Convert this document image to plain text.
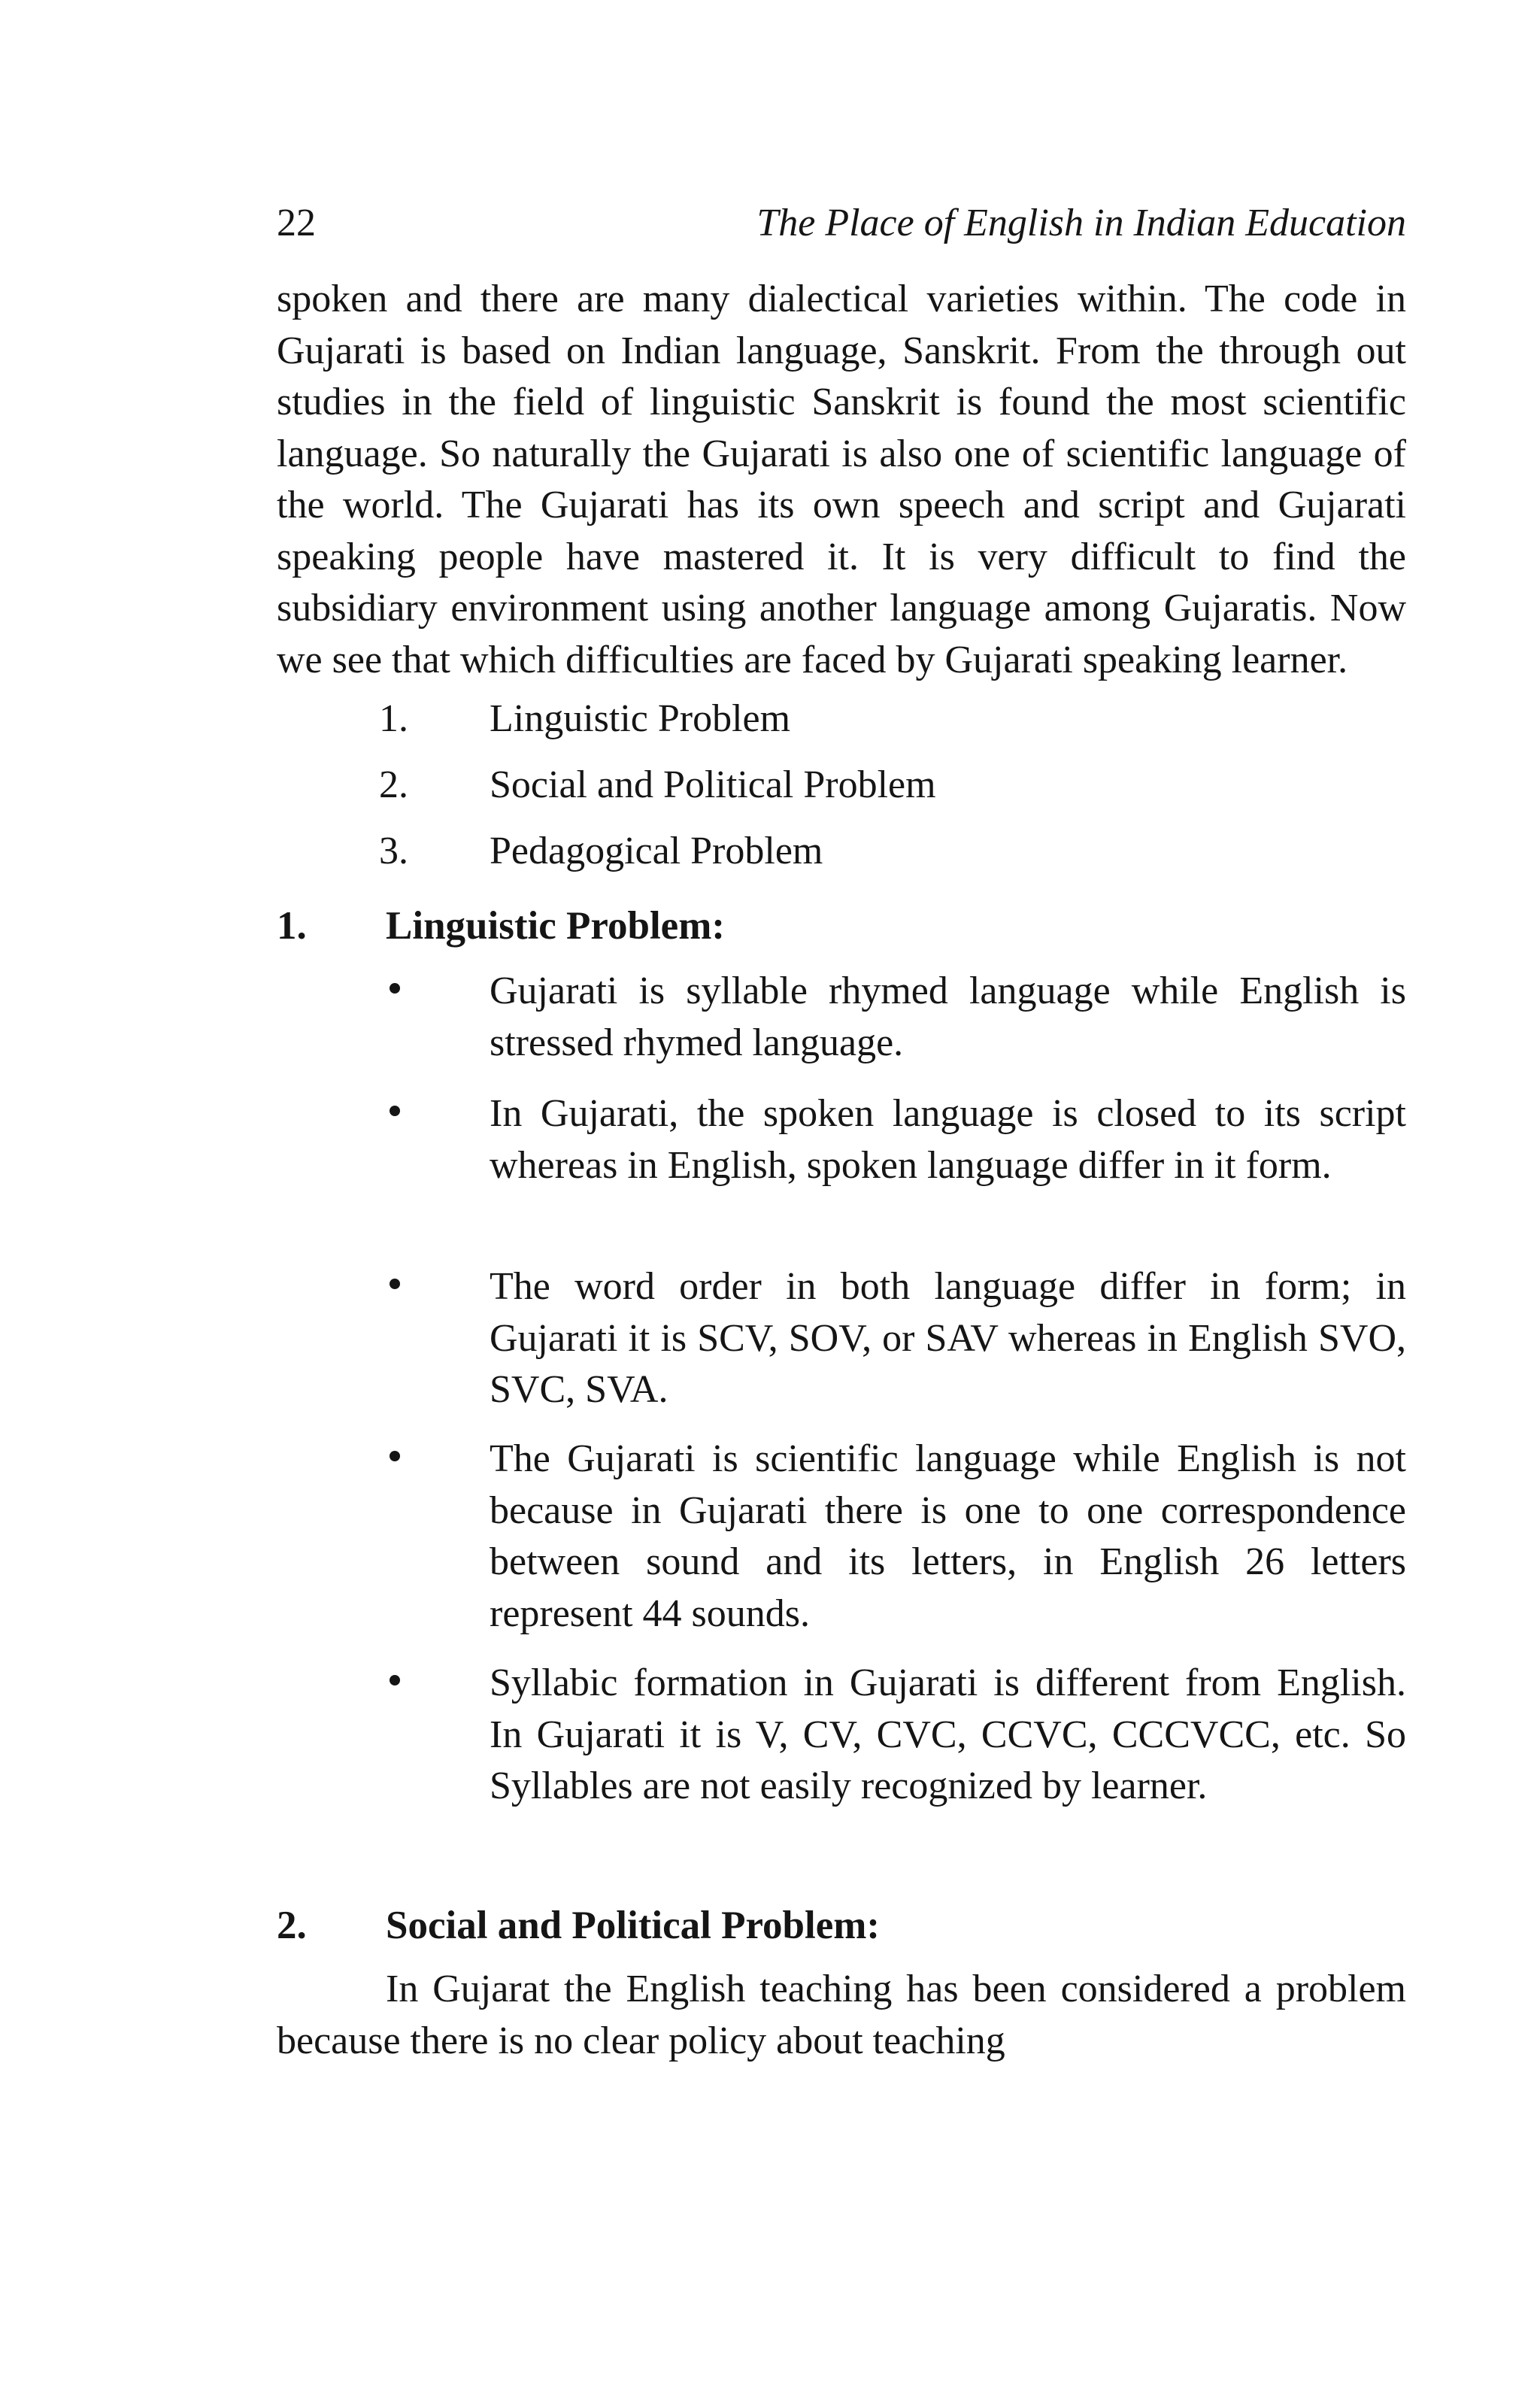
22	The Place of English in Indian Education

spoken and there are many dialectical varieties within. The code in Gujarati is based on Indian language, Sanskrit. From the through out studies in the field of linguistic Sanskrit is found the most scientific language. So naturally the Gujarati is also one of scientific language of the world. The Gujarati has its own speech and script and Gujarati speaking people have mastered it. It is very difficult to find the subsidiary environment using another language among Gujaratis. Now we see that which difficulties are faced by Gujarati speaking learner.

1. Linguistic Problem
2. Social and Political Problem
3. Pedagogical Problem
1. Linguistic Problem:
Gujarati is syllable rhymed language while English is stressed rhymed language.
In Gujarati, the spoken language is closed to its script whereas in English, spoken language differ in it form.
The word order in both language differ in form; in Gujarati it is SCV, SOV, or SAV whereas in English SVO, SVC, SVA.
The Gujarati is scientific language while English is not because in Gujarati there is one to one correspondence between sound and its letters, in English 26 letters represent 44 sounds.
Syllabic formation in Gujarati is different from English. In Gujarati it is V, CV, CVC, CCVC, CCCVCC, etc. So Syllables are not easily recognized by learner.
2. Social and Political Problem:

In Gujarat the English teaching has been considered a problem because there is no clear policy about teaching
